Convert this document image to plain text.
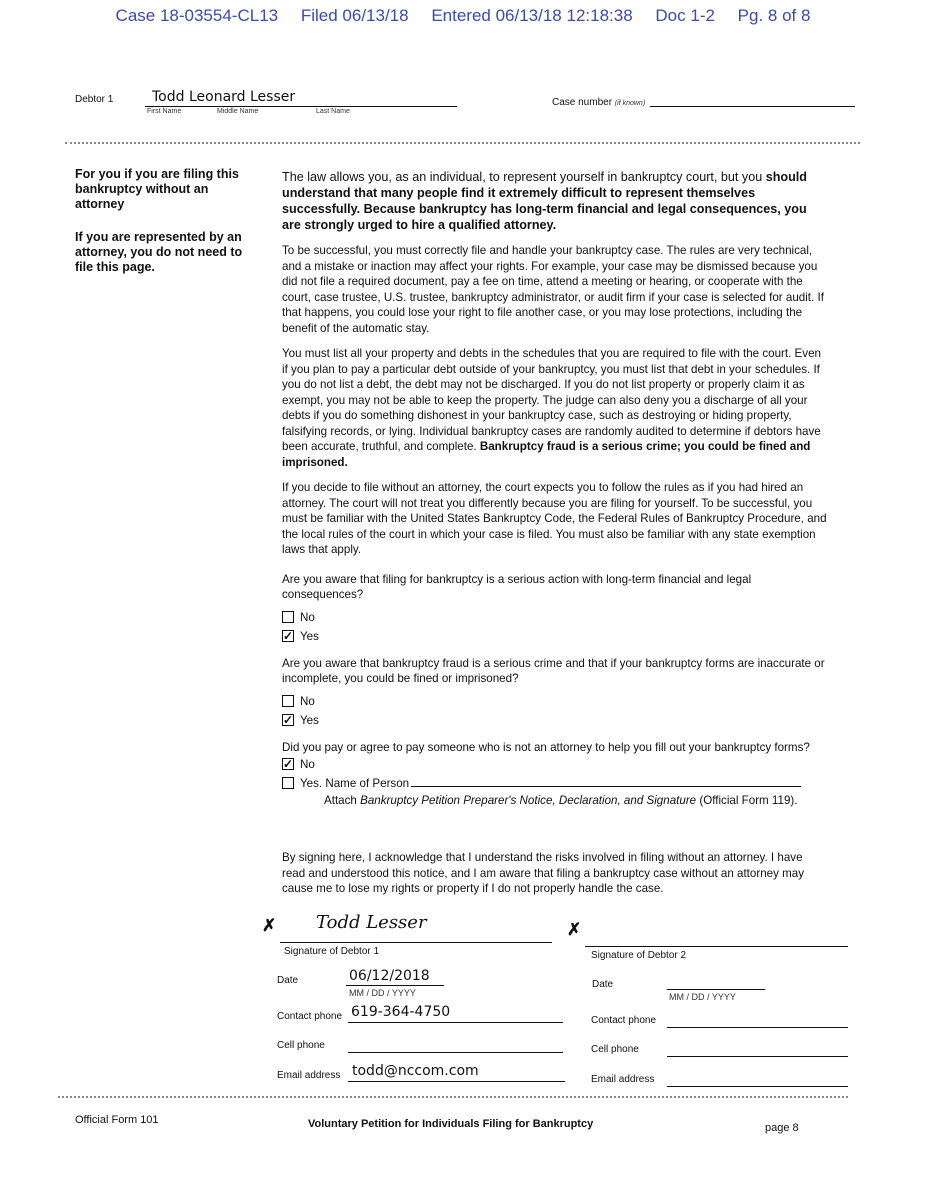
Case 18-03554-CL13 Filed 06/13/18 Entered 06/13/18 12:18:38 Doc 1-2 Pg. 8 of 8
Debtor 1	Todd Leonard Lesser
First Name	Middle Name	Last Name
Case number (if known)
For you if you are filing this bankruptcy without an attorney
If you are represented by an attorney, you do not need to file this page.

The law allows you, as an individual, to represent yourself in bankruptcy court, but you should understand that many people find it extremely difficult to represent themselves successfully. Because bankruptcy has long-term financial and legal consequences, you are strongly urged to hire a qualified attorney.

To be successful, you must correctly file and handle your bankruptcy case. The rules are very technical, and a mistake or inaction may affect your rights. For example, your case may be dismissed because you did not file a required document, pay a fee on time, attend a meeting or hearing, or cooperate with the court, case trustee, U.S. trustee, bankruptcy administrator, or audit firm if your case is selected for audit. If that happens, you could lose your right to file another case, or you may lose protections, including the benefit of the automatic stay.

You must list all your property and debts in the schedules that you are required to file with the court. Even if you plan to pay a particular debt outside of your bankruptcy, you must list that debt in your schedules. If you do not list a debt, the debt may not be discharged. If you do not list property or properly claim it as exempt, you may not be able to keep the property. The judge can also deny you a discharge of all your debts if you do something dishonest in your bankruptcy case, such as destroying or hiding property, falsifying records, or lying. Individual bankruptcy cases are randomly audited to determine if debtors have been accurate, truthful, and complete. Bankruptcy fraud is a serious crime; you could be fined and imprisoned.

If you decide to file without an attorney, the court expects you to follow the rules as if you had hired an attorney. The court will not treat you differently because you are filing for yourself. To be successful, you must be familiar with the United States Bankruptcy Code, the Federal Rules of Bankruptcy Procedure, and the local rules of the court in which your case is filed. You must also be familiar with any state exemption laws that apply.

Are you aware that filing for bankruptcy is a serious action with long-term financial and legal consequences?
No
✓Yes
Are you aware that bankruptcy fraud is a serious crime and that if your bankruptcy forms are inaccurate or incomplete, you could be fined or imprisoned?
No
✓Yes
Did you pay or agree to pay someone who is not an attorney to help you fill out your bankruptcy forms?
✓No
Yes. Name of Person
Attach Bankruptcy Petition Preparer's Notice, Declaration, and Signature (Official Form 119).
By signing here, I acknowledge that I understand the risks involved in filing without an attorney. I have read and understood this notice, and I am aware that filing a bankruptcy case without an attorney may cause me to lose my rights or property if I do not properly handle the case.
✗ Todd Lesser
Signature of Debtor 1
Date	06/12/2018
MM / DD / YYYY
Contact phone 619-364-4750
Cell phone
Email address todd@nccom.com
✗
Signature of Debtor 2
Date
MM / DD / YYYY
Contact phone
Cell phone
Email address
Official Form 101	Voluntary Petition for Individuals Filing for Bankruptcy	page 8
